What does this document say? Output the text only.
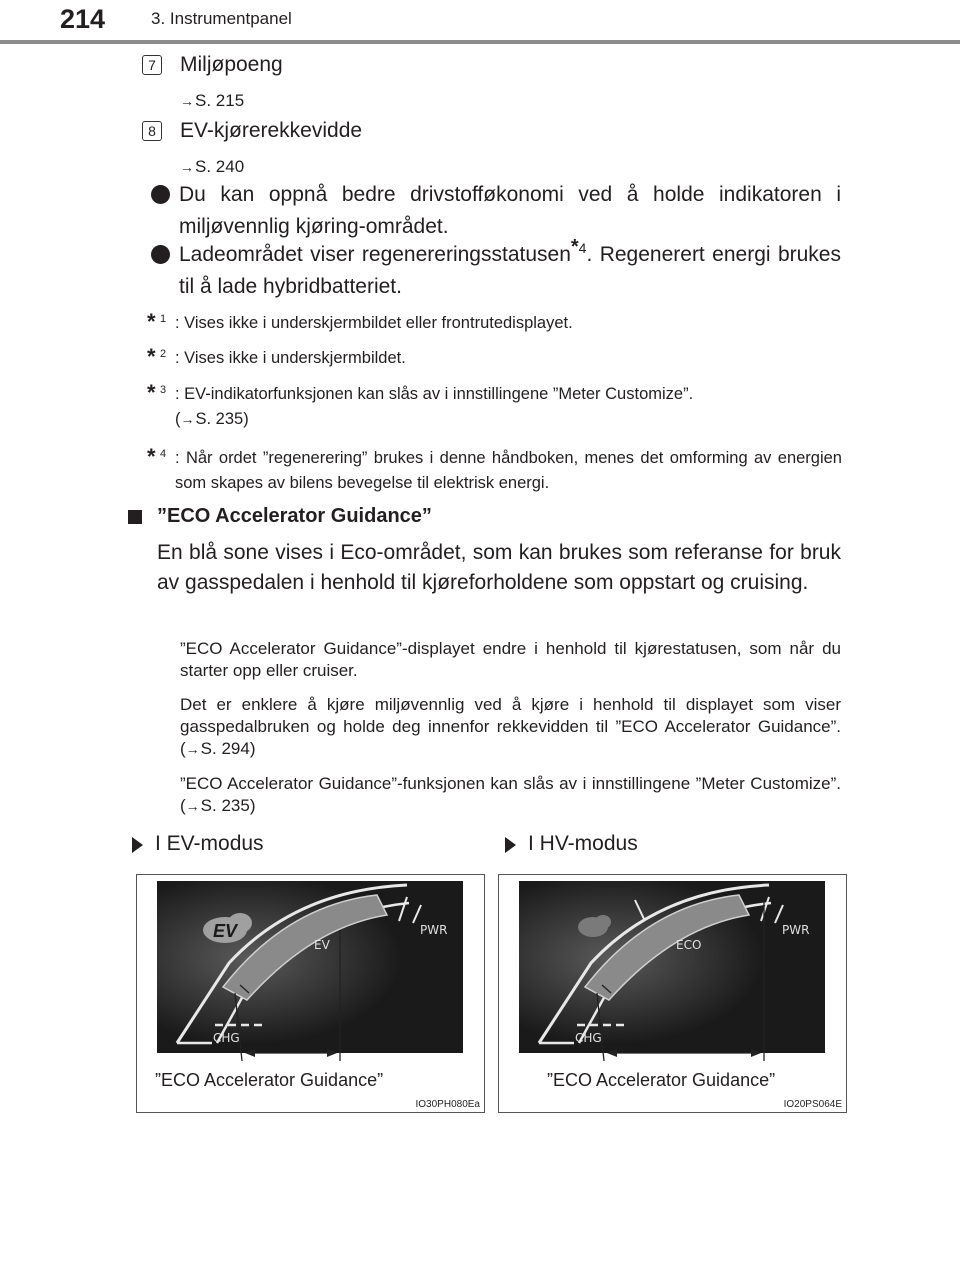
214	3. Instrumentpanel
7 Miljøpoeng
→S. 215
8 EV-kjørerekkevidde
→S. 240
Du kan oppnå bedre drivstofføkonomi ved å holde indikatoren i miljøvennlig kjøring-området.
Ladeområdet viser regenereringsstatusen$^{*4}$. Regenerert energi brukes til å lade hybridbatteriet.
* 1 : Vises ikke i underskjermbildet eller frontrutedisplayet.
* 2 : Vises ikke i underskjermbildet.
* 3 : EV-indikatorfunksjonen kan slås av i innstillingene ”Meter Customize”.
(→S. 235)
* 4 : Når ordet ”regenerering” brukes i denne håndboken, menes det omforming av energien som skapes av bilens bevegelse til elektrisk energi.
”ECO Accelerator Guidance”
En blå sone vises i Eco-området, som kan brukes som referanse for bruk av gasspedalen i henhold til kjøreforholdene som oppstart og cruising.
”ECO Accelerator Guidance”-displayet endre i henhold til kjørestatusen, som når du starter opp eller cruiser.
Det er enklere å kjøre miljøvennlig ved å kjøre i henhold til displayet som viser gasspedalbruken og holde deg innenfor rekkevidden til ”ECO Accelerator Guidance”. (→S. 294)
”ECO Accelerator Guidance”-funksjonen kan slås av i innstillingene ”Meter Customize”. (→S. 235)
I EV-modus	I HV-modus
EV
EV
PWR
CHG
”ECO Accelerator Guidance”
IO30PH080Ea
ECO
PWR
CHG
”ECO Accelerator Guidance”
IO20PS064E
